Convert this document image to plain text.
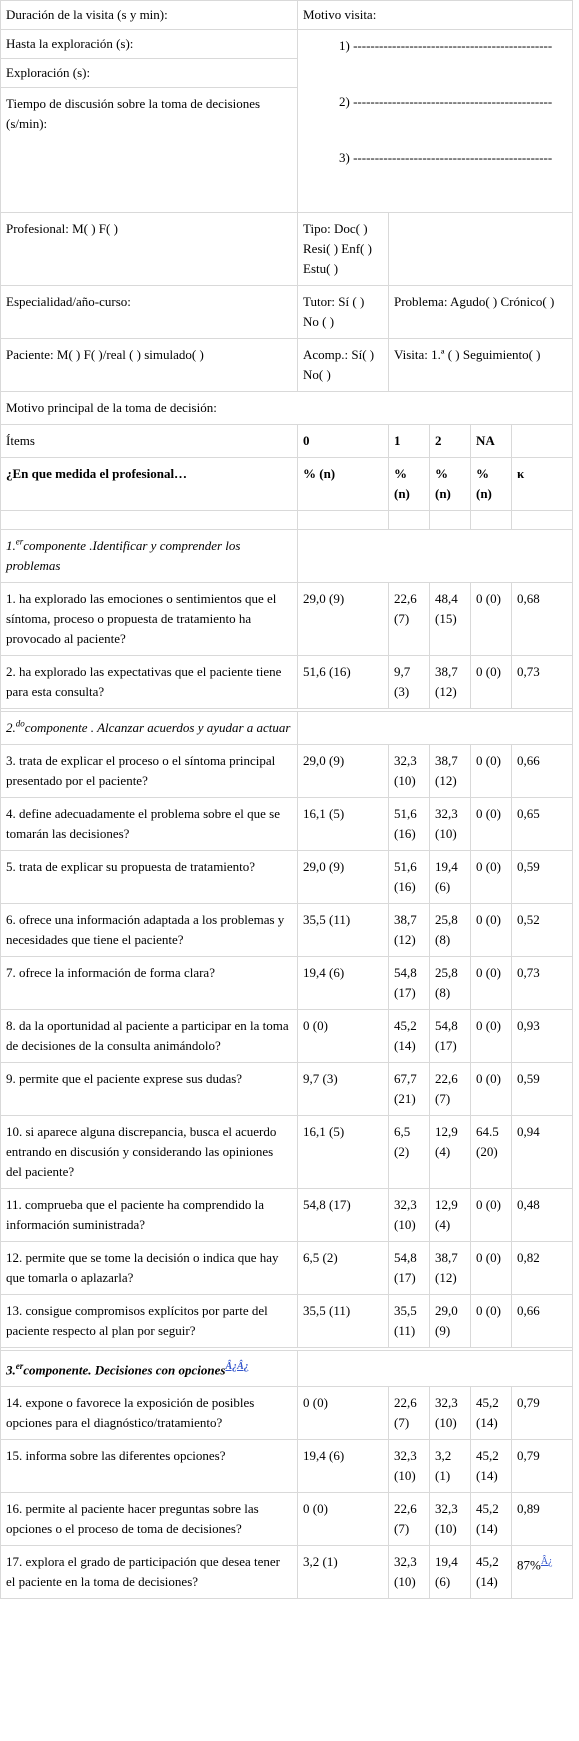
Duración de la visita (s y min):	Motivo visita:				
Hasta la exploración (s):	1) ----------------------------------------------
2) ----------------------------------------------
3) ----------------------------------------------				

Exploración (s):					
Tiempo de discusión sobre la toma de decisiones (s/min):					
Profesional: M( ) F( )	Tipo: Doc( ) Resi( ) Enf( ) Estu( )				
Especialidad/año-curso:	Tutor: Sí ( ) No ( )	Problema: Agudo( ) Crónico( )			
Paciente: M( ) F( )/real ( ) simulado( )	Acomp.: Sí( ) No( )	Visita: 1.ª ( ) Seguimiento( )			
Motivo principal de la toma de decisión:					
Ítems	0	1	2	NA	
¿En que medida el profesional…	% (n)	% (n)	% (n)	% (n)	κ

1.$^{er}$componente .Identificar y comprender los problemas					
1. ha explorado las emociones o sentimientos que el síntoma, proceso o propuesta de tratamiento ha provocado al paciente?	29,0 (9)	22,6 (7)	48,4 (15)	0 (0)	0,68
2. ha explorado las expectativas que el paciente tiene para esta consulta?	51,6 (16)	9,7 (3)	38,7 (12)	0 (0)	0,73

2.$^{do}$componente . Alcanzar acuerdos y ayudar a actuar					
3. trata de explicar el proceso o el síntoma principal presentado por el paciente?	29,0 (9)	32,3 (10)	38,7 (12)	0 (0)	0,66
4. define adecuadamente el problema sobre el que se tomarán las decisiones?	16,1 (5)	51,6 (16)	32,3 (10)	0 (0)	0,65
5. trata de explicar su propuesta de tratamiento?	29,0 (9)	51,6 (16)	19,4 (6)	0 (0)	0,59
6. ofrece una información adaptada a los problemas y necesidades que tiene el paciente?	35,5 (11)	38,7 (12)	25,8 (8)	0 (0)	0,52
7. ofrece la información de forma clara?	19,4 (6)	54,8 (17)	25,8 (8)	0 (0)	0,73
8. da la oportunidad al paciente a participar en la toma de decisiones de la consulta animándolo?	0 (0)	45,2 (14)	54,8 (17)	0 (0)	0,93
9. permite que el paciente exprese sus dudas?	9,7 (3)	67,7 (21)	22,6 (7)	0 (0)	0,59
10. si aparece alguna discrepancia, busca el acuerdo entrando en discusión y considerando las opiniones del paciente?	16,1 (5)	6,5 (2)	12,9 (4)	64.5 (20)	0,94
11. comprueba que el paciente ha comprendido la información suministrada?	54,8 (17)	32,3 (10)	12,9 (4)	0 (0)	0,48
12. permite que se tome la decisión o indica que hay que tomarla o aplazarla?	6,5 (2)	54,8 (17)	38,7 (12)	0 (0)	0,82
13. consigue compromisos explícitos por parte del paciente respecto al plan por seguir?	35,5 (11)	35,5 (11)	29,0 (9)	0 (0)	0,66

3.$^{er}$componente. Decisiones con opciones$^{Â¿Â¿}$	
14. expone o favorece la exposición de posibles opciones para el diagnóstico/tratamiento?	0 (0)	22,6 (7)	32,3 (10)	45,2 (14)	0,79
15. informa sobre las diferentes opciones?	19,4 (6)	32,3 (10)	3,2 (1)	45,2 (14)	0,79
16. permite al paciente hacer preguntas sobre las opciones o el proceso de toma de decisiones?	0 (0)	22,6 (7)	32,3 (10)	45,2 (14)	0,89
17. explora el grado de participación que desea tener el paciente en la toma de decisiones?	3,2 (1)	32,3 (10)	19,4 (6)	45,2 (14)	87%$^{Â¿}$
